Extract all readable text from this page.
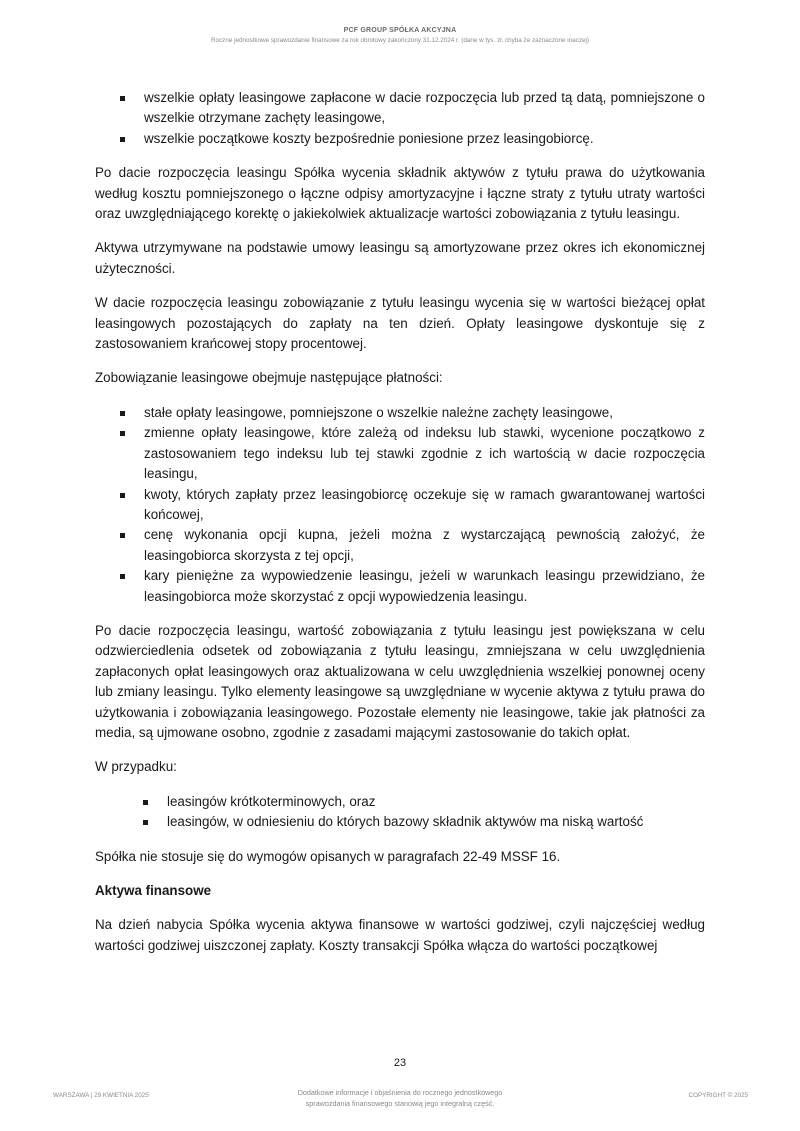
PCF GROUP SPÓŁKA AKCYJNA
Roczne jednostkowe sprawozdanie finansowe za rok obrotowy zakończony 31.12.2024 r. (dane w tys. zł, chyba że zaznaczone inaczej)
wszelkie opłaty leasingowe zapłacone w dacie rozpoczęcia lub przed tą datą, pomniejszone o wszelkie otrzymane zachęty leasingowe,
wszelkie początkowe koszty bezpośrednie poniesione przez leasingobiorcę.

Po dacie rozpoczęcia leasingu Spółka wycenia składnik aktywów z tytułu prawa do użytkowania według kosztu pomniejszonego o łączne odpisy amortyzacyjne i łączne straty z tytułu utraty wartości oraz uwzględniającego korektę o jakiekolwiek aktualizacje wartości zobowiązania z tytułu leasingu.

Aktywa utrzymywane na podstawie umowy leasingu są amortyzowane przez okres ich ekonomicznej użyteczności.

W dacie rozpoczęcia leasingu zobowiązanie z tytułu leasingu wycenia się w wartości bieżącej opłat leasingowych pozostających do zapłaty na ten dzień. Opłaty leasingowe dyskontuje się z zastosowaniem krańcowej stopy procentowej.

Zobowiązanie leasingowe obejmuje następujące płatności:

stałe opłaty leasingowe, pomniejszone o wszelkie należne zachęty leasingowe,
zmienne opłaty leasingowe, które zależą od indeksu lub stawki, wycenione początkowo z zastosowaniem tego indeksu lub tej stawki zgodnie z ich wartością w dacie rozpoczęcia leasingu,
kwoty, których zapłaty przez leasingobiorcę oczekuje się w ramach gwarantowanej wartości końcowej,
cenę wykonania opcji kupna, jeżeli można z wystarczającą pewnością założyć, że leasingobiorca skorzysta z tej opcji,
kary pieniężne za wypowiedzenie leasingu, jeżeli w warunkach leasingu przewidziano, że leasingobiorca może skorzystać z opcji wypowiedzenia leasingu.

Po dacie rozpoczęcia leasingu, wartość zobowiązania z tytułu leasingu jest powiększana w celu odzwierciedlenia odsetek od zobowiązania z tytułu leasingu, zmniejszana w celu uwzględnienia zapłaconych opłat leasingowych oraz aktualizowana w celu uwzględnienia wszelkiej ponownej oceny lub zmiany leasingu. Tylko elementy leasingowe są uwzględniane w wycenie aktywa z tytułu prawa do użytkowania i zobowiązania leasingowego. Pozostałe elementy nie leasingowe, takie jak płatności za media, są ujmowane osobno, zgodnie z zasadami mającymi zastosowanie do takich opłat.

W przypadku:

leasingów krótkoterminowych, oraz
leasingów, w odniesieniu do których bazowy składnik aktywów ma niską wartość

Spółka nie stosuje się do wymogów opisanych w paragrafach 22-49 MSSF 16.

Aktywa finansowe

Na dzień nabycia Spółka wycenia aktywa finansowe w wartości godziwej, czyli najczęściej według wartości godziwej uiszczonej zapłaty. Koszty transakcji Spółka włącza do wartości początkowej

23
WARSZAWA | 29 KWIETNIA 2025	Dodatkowe informacje i objaśnienia do rocznego jednostkowego
sprawozdania finansowego stanowią jego integralną część.
COPYRIGHT © 2025
